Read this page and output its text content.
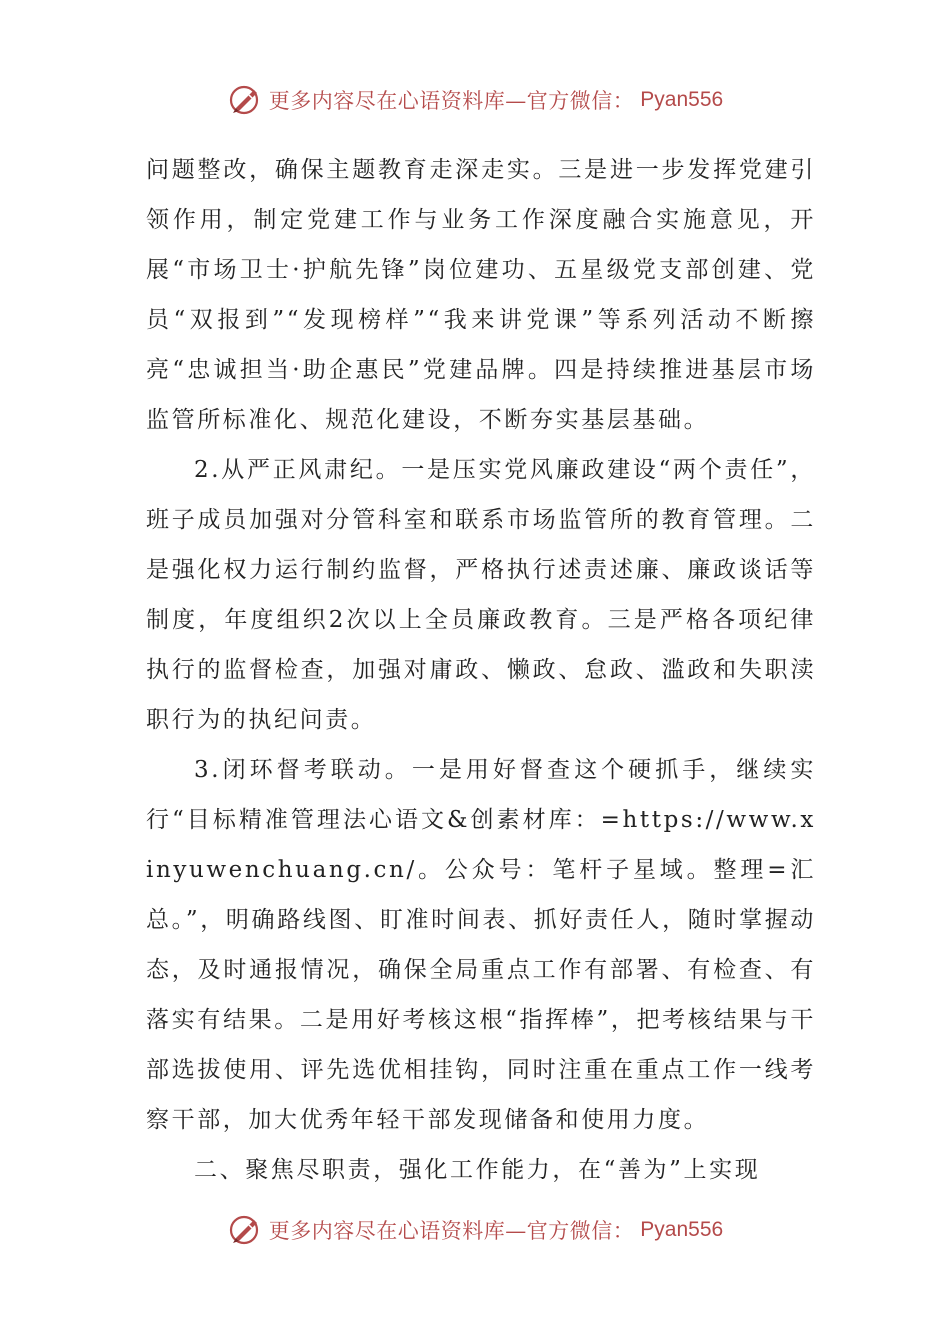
更多内容尽在心语资料库—官方微信： Pyan556

问题整改，确保主题教育走深走实。三是进一步发挥党建引领作用，制定党建工作与业务工作深度融合实施意见，开展“市场卫士·护航先锋”岗位建功、五星级党支部创建、党员“双报到”“发现榜样”“我来讲党课”等系列活动不断擦亮“忠诚担当·助企惠民”党建品牌。四是持续推进基层市场监管所标准化、规范化建设，不断夯实基层基础。

2.从严正风肃纪。一是压实党风廉政建设“两个责任”，班子成员加强对分管科室和联系市场监管所的教育管理。二是强化权力运行制约监督，严格执行述责述廉、廉政谈话等制度，年度组织2次以上全员廉政教育。三是严格各项纪律执行的监督检查，加强对庸政、懒政、怠政、滥政和失职渎职行为的执纪问责。

3.闭环督考联动。一是用好督查这个硬抓手，继续实行“目标精准管理法心语文&创素材库：=https://www.xinyuwenchuang.cn/。公众号：笔杆子星域。整理=汇总。”，明确路线图、盯准时间表、抓好责任人，随时掌握动态，及时通报情况，确保全局重点工作有部署、有检查、有落实有结果。二是用好考核这根“指挥棒”，把考核结果与干部选拔使用、评先选优相挂钩，同时注重在重点工作一线考察干部，加大优秀年轻干部发现储备和使用力度。

二、聚焦尽职责，强化工作能力，在“善为”上实现

更多内容尽在心语资料库—官方微信： Pyan556
